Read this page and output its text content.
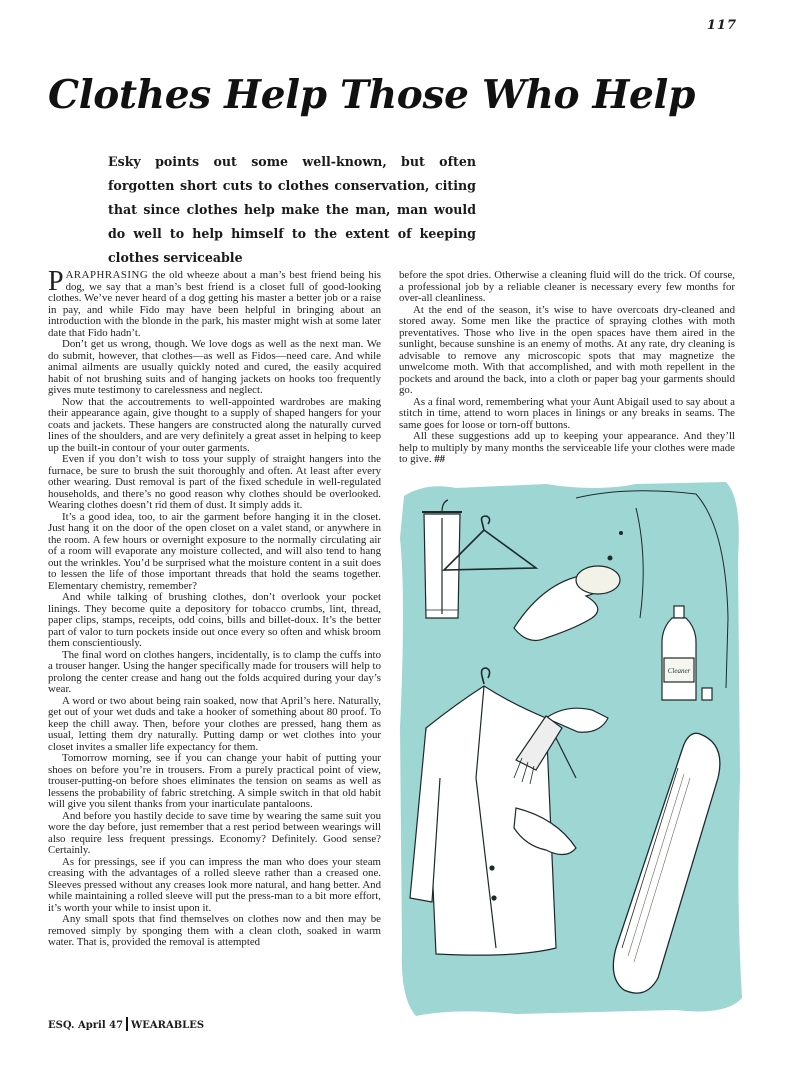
117
Clothes Help Those Who Help

Esky points out some well-known, but often forgotten short cuts to clothes conservation, citing that since clothes help make the man, man would do well to help himself to the extent of keeping clothes serviceable

PARAPHRASING the old wheeze about a man’s best friend being his dog, we say that a man’s best friend is a closet full of good-looking clothes. We’ve never heard of a dog getting his master a better job or a raise in pay, and while Fido may have been helpful in bringing about an introduction with the blonde in the park, his master might wish at some later date that Fido hadn’t.

Don’t get us wrong, though. We love dogs as well as the next man. We do submit, however, that clothes—as well as Fidos—need care. And while animal ailments are usually quickly noted and cured, the easily acquired habit of not brushing suits and of hanging jackets on hooks too frequently gives mute testimony to carelessness and neglect.

Now that the accoutrements to well-appointed wardrobes are making their appearance again, give thought to a supply of shaped hangers for your coats and jackets. These hangers are constructed along the naturally curved lines of the shoulders, and are very definitely a great asset in helping to keep up the built-in contour of your outer garments.

Even if you don’t wish to toss your supply of straight hangers into the furnace, be sure to brush the suit thoroughly and often. At least after every other wearing. Dust removal is part of the fixed schedule in well-regulated households, and there’s no good reason why clothes should be overlooked. Wearing clothes doesn’t rid them of dust. It simply adds it.

It’s a good idea, too, to air the garment before hanging it in the closet. Just hang it on the door of the open closet on a valet stand, or anywhere in the room. A few hours or overnight exposure to the normally circulating air of a room will evaporate any moisture collected, and will also tend to hang out the wrinkles. You’d be surprised what the moisture content in a suit does to lessen the life of those important threads that hold the seams together. Elementary chemistry, remember?

And while talking of brushing clothes, don’t overlook your pocket linings. They become quite a depository for tobacco crumbs, lint, thread, paper clips, stamps, receipts, odd coins, bills and billet-doux. It’s the better part of valor to turn pockets inside out once every so often and whisk broom them conscientiously.

The final word on clothes hangers, incidentally, is to clamp the cuffs into a trouser hanger. Using the hanger specifically made for trousers will help to prolong the center crease and hang out the folds acquired during your day’s wear.

A word or two about being rain soaked, now that April’s here. Naturally, get out of your wet duds and take a hooker of something about 80 proof. To keep the chill away. Then, before your clothes are pressed, hang them as usual, letting them dry naturally. Putting damp or wet clothes into your closet invites a smaller life expectancy for them.

Tomorrow morning, see if you can change your habit of putting your shoes on before you’re in trousers. From a purely practical point of view, trouser-putting-on before shoes eliminates the tension on seams as well as lessens the probability of fabric stretching. A simple switch in that old habit will give you silent thanks from your inarticulate pantaloons.

And before you hastily decide to save time by wearing the same suit you wore the day before, just remember that a rest period between wearings will also require less frequent pressings. Economy? Definitely. Good sense? Certainly.

As for pressings, see if you can impress the man who does your steam creasing with the advantages of a rolled sleeve rather than a creased one. Sleeves pressed without any creases look more natural, and hang better. And while maintaining a rolled sleeve will put the press-man to a bit more effort, it’s worth your while to insist upon it.

Any small spots that find themselves on clothes now and then may be removed simply by sponging them with a clean cloth, soaked in warm water. That is, provided the removal is attempted

before the spot dries. Otherwise a cleaning fluid will do the trick. Of course, a professional job by a reliable cleaner is necessary every few months for over-all cleanliness.

At the end of the season, it’s wise to have overcoats dry-cleaned and stored away. Some men like the practice of spraying clothes with moth preventatives. Those who live in the open spaces have them aired in the sunlight, because sunshine is an enemy of moths. At any rate, dry cleaning is advisable to remove any microscopic spots that may magnetize the unwelcome moth. With that accomplished, and with moth repellent in the pockets and around the back, into a cloth or paper bag your garments should go.

As a final word, remembering what your Aunt Abigail used to say about a stitch in time, attend to worn places in linings or any breaks in seams. The same goes for loose or torn-off buttons.

All these suggestions add up to keeping your appearance. And they’ll help to multiply by many months the serviceable life your clothes were made to give. ##

Cleaner
ESQ. April 47 WEARABLES
